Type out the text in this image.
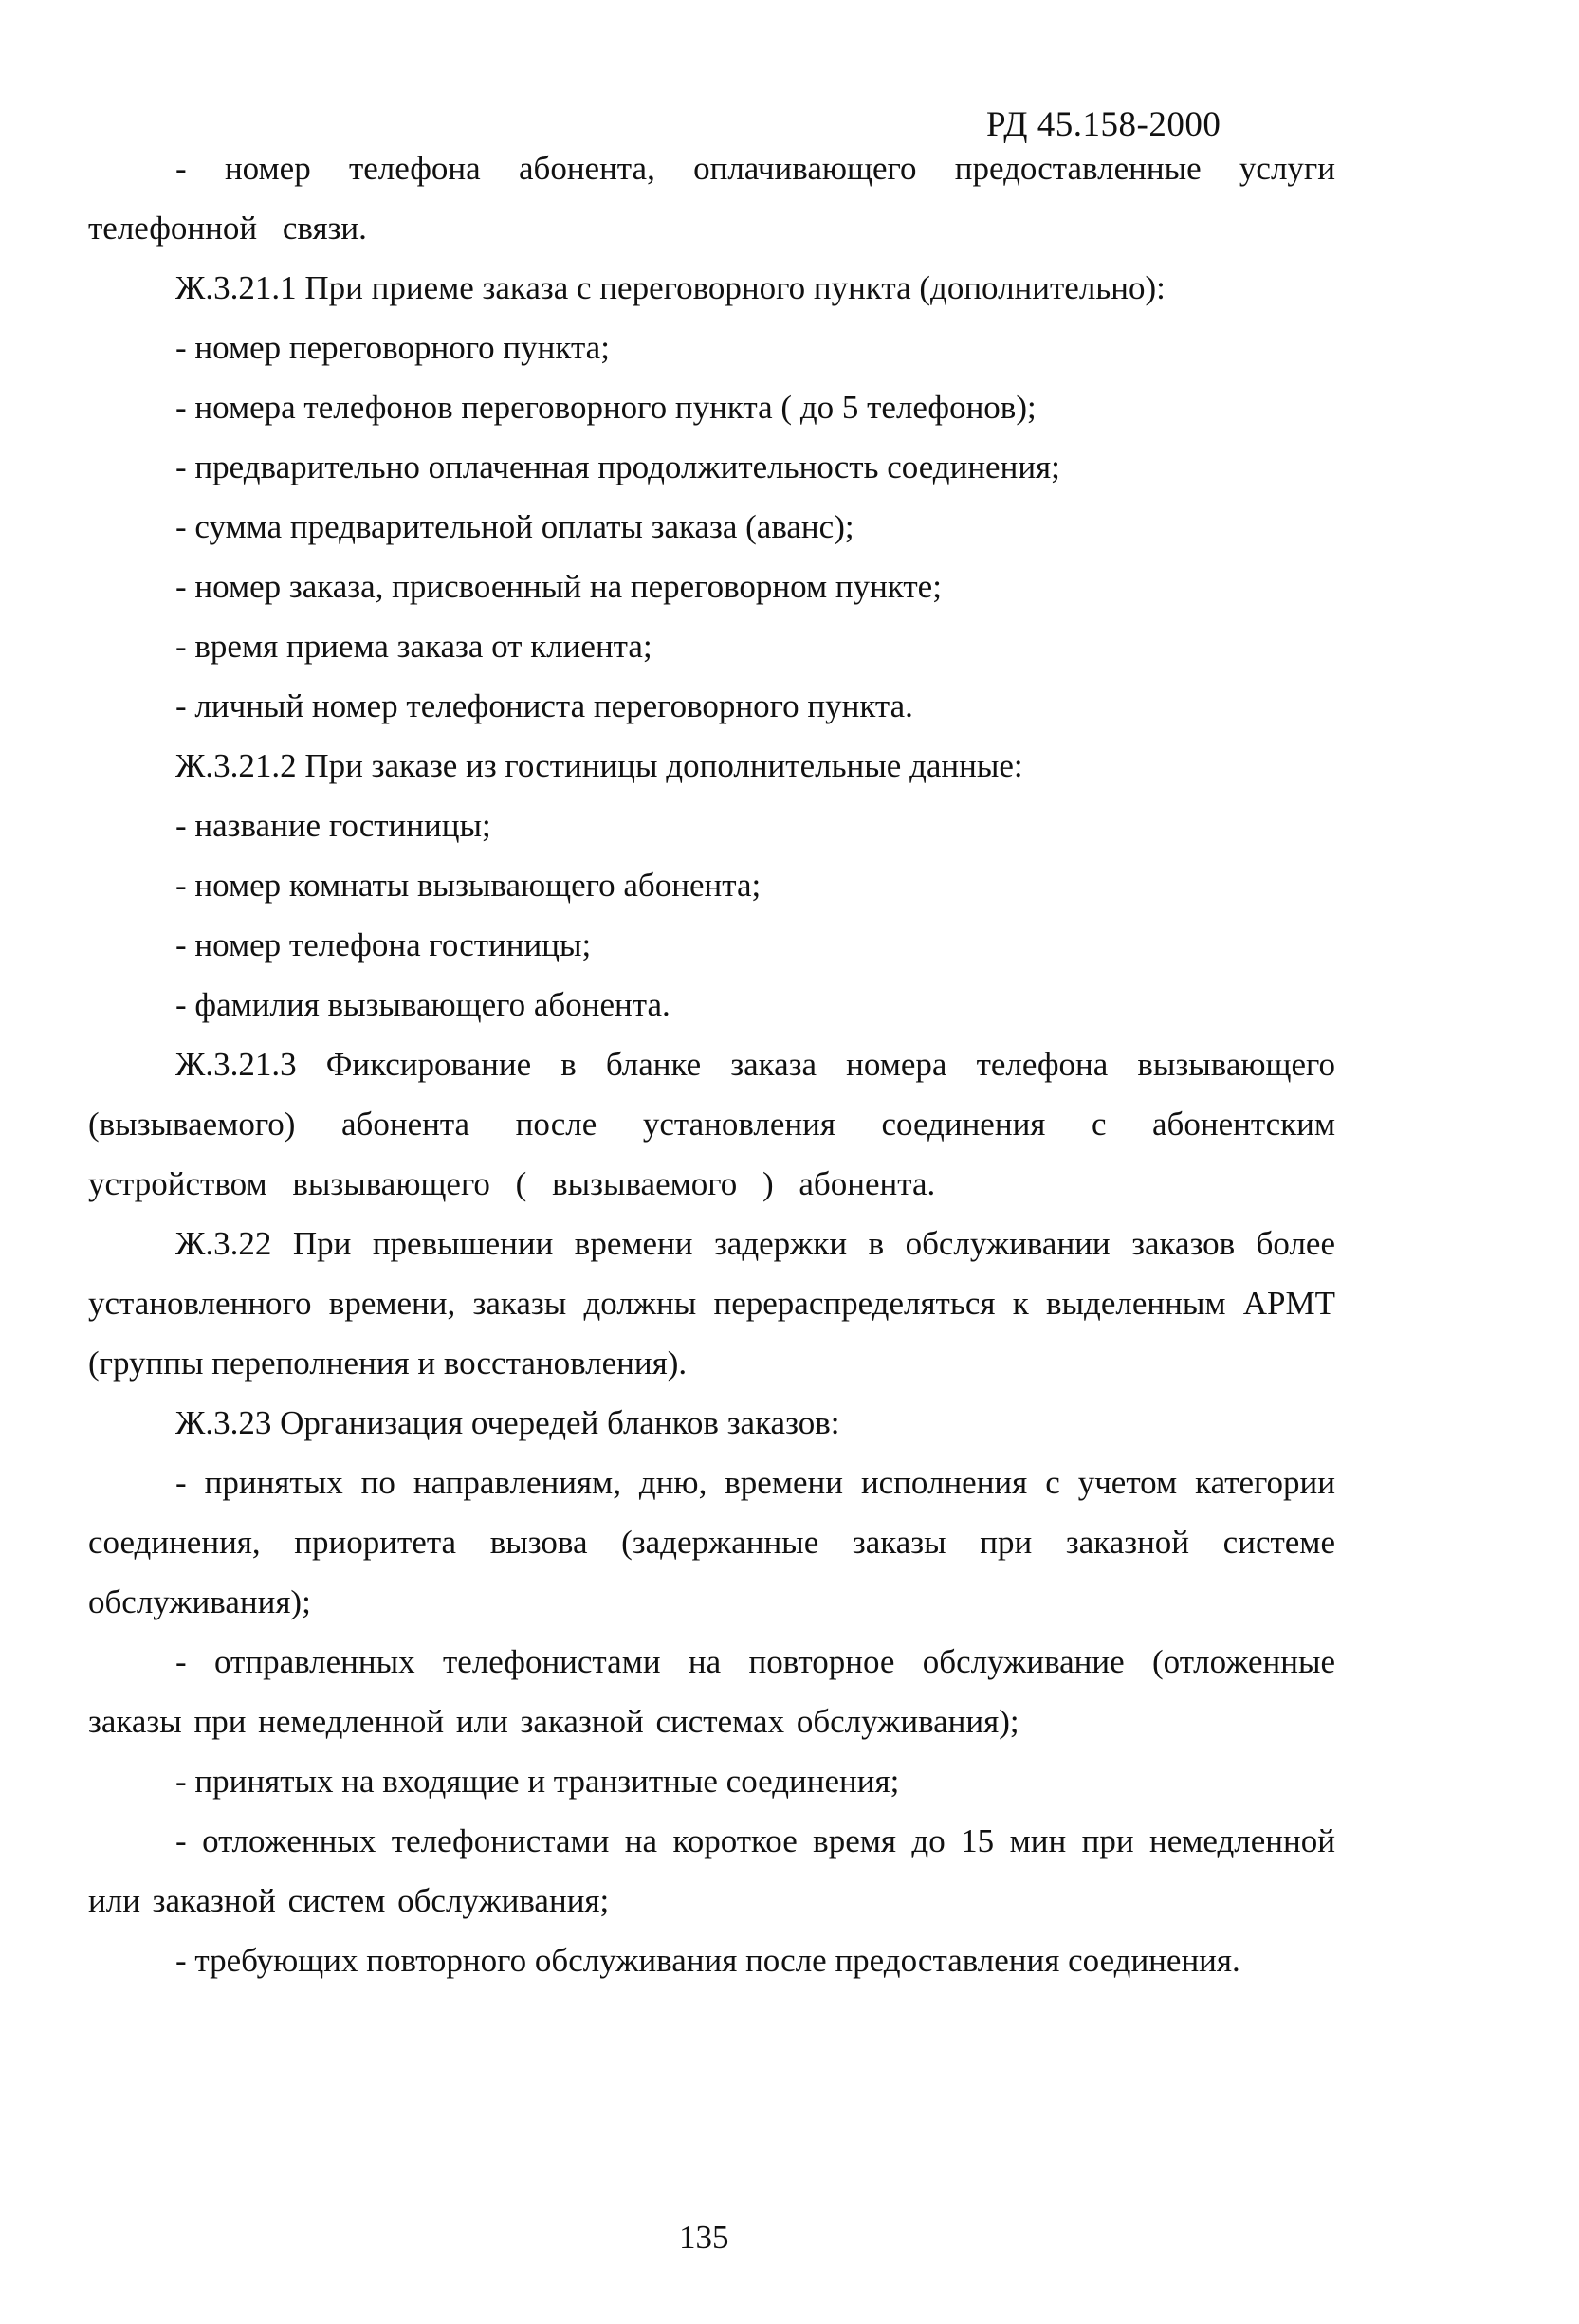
РД 45.158-2000

- номер телефона абонента, оплачивающего предоставленные услуги телефонной связи.

Ж.3.21.1 При приеме заказа с переговорного пункта (дополнительно):

- номер переговорного пункта;

- номера телефонов переговорного пункта ( до 5 телефонов);

- предварительно оплаченная продолжительность соединения;

- сумма предварительной оплаты заказа (аванс);

- номер заказа, присвоенный на переговорном пункте;

- время приема заказа от клиента;

- личный номер телефониста переговорного пункта.

Ж.3.21.2 При заказе из гостиницы дополнительные данные:

- название гостиницы;

- номер комнаты вызывающего абонента;

- номер телефона гостиницы;

- фамилия вызывающего абонента.

Ж.3.21.3 Фиксирование в бланке заказа номера телефона вызывающего (вызываемого) абонента после установления соединения с абонентским устройством вызывающего ( вызываемого ) абонента.

Ж.3.22 При превышении времени задержки в обслуживании заказов более установленного времени, заказы должны перераспределяться к выделенным АРМТ (группы переполнения и восстановления).

Ж.3.23 Организация очередей бланков заказов:

- принятых по направлениям, дню, времени исполнения с учетом категории соединения, приоритета вызова (задержанные заказы при заказной системе обслуживания);

- отправленных телефонистами на повторное обслуживание (отложенные заказы при немедленной или заказной системах обслуживания);

- принятых на входящие и транзитные соединения;

- отложенных телефонистами на короткое время до 15 мин при немедленной или заказной систем обслуживания;

- требующих повторного обслуживания после предоставления соединения.

135
